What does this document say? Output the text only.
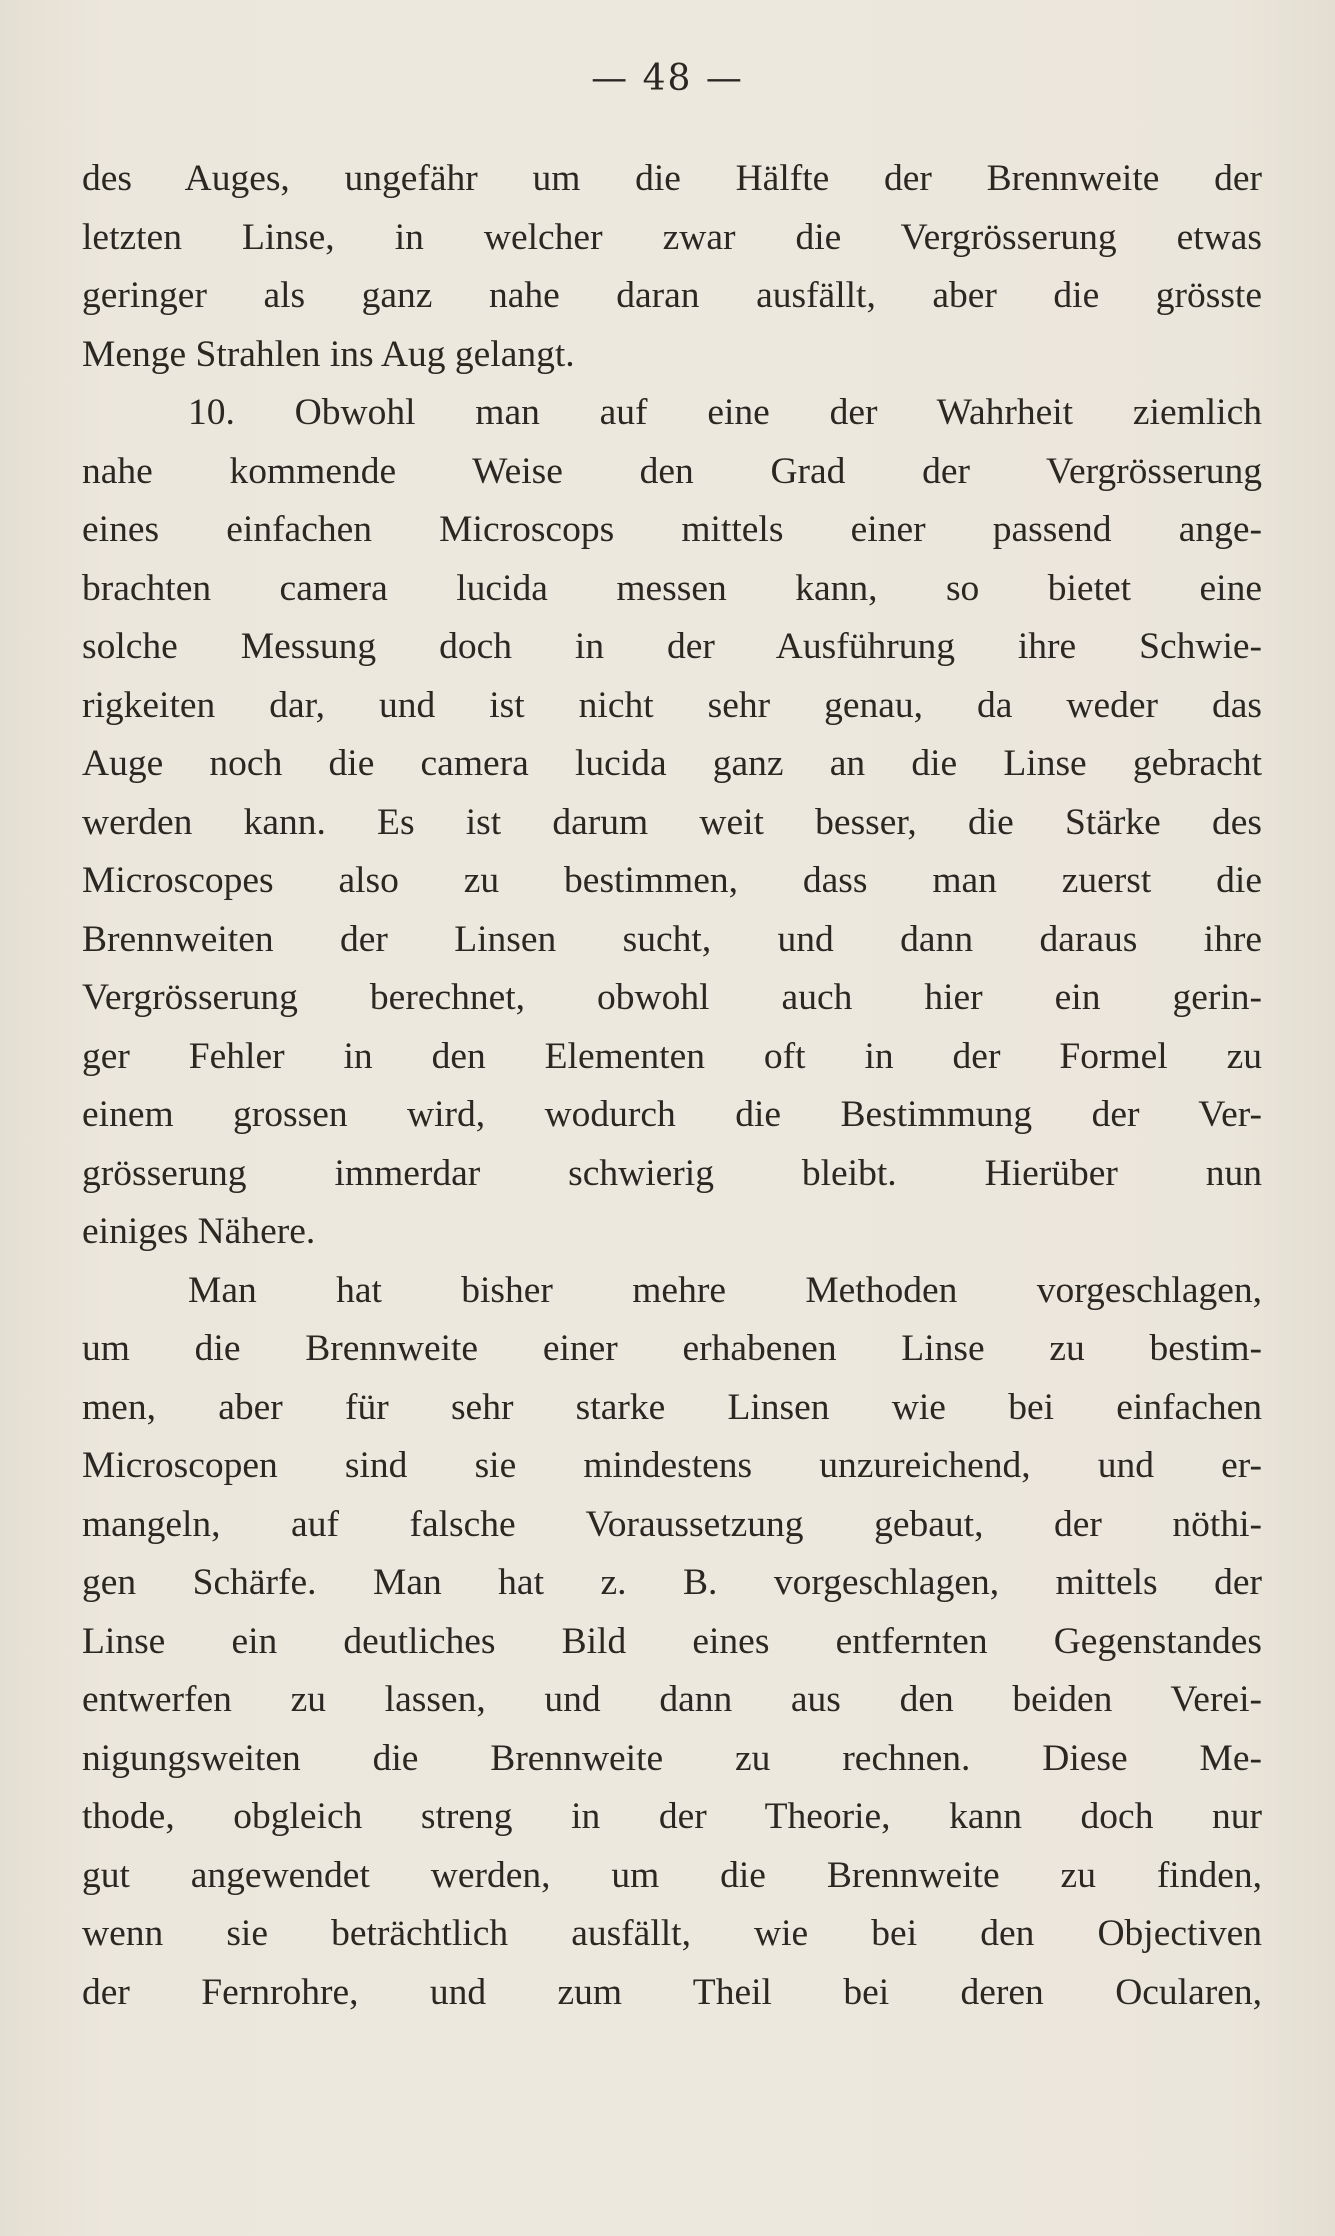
— 48 —
des Auges, ungefähr um die Hälfte der Brennweite der
letzten Linse, in welcher zwar die Vergrösserung etwas
geringer als ganz nahe daran ausfällt, aber die grösste
Menge Strahlen ins Aug gelangt.
10. Obwohl man auf eine der Wahrheit ziemlich
nahe kommende Weise den Grad der Vergrösserung
eines einfachen Microscops mittels einer passend ange-
brachten camera lucida messen kann, so bietet eine
solche Messung doch in der Ausführung ihre Schwie-
rigkeiten dar, und ist nicht sehr genau, da weder das
Auge noch die camera lucida ganz an die Linse gebracht
werden kann. Es ist darum weit besser, die Stärke des
Microscopes also zu bestimmen, dass man zuerst die
Brennweiten der Linsen sucht, und dann daraus ihre
Vergrösserung berechnet, obwohl auch hier ein gerin-
ger Fehler in den Elementen oft in der Formel zu
einem grossen wird, wodurch die Bestimmung der Ver-
grösserung immerdar schwierig bleibt. Hierüber nun
einiges Nähere.
Man hat bisher mehre Methoden vorgeschlagen,
um die Brennweite einer erhabenen Linse zu bestim-
men, aber für sehr starke Linsen wie bei einfachen
Microscopen sind sie mindestens unzureichend, und er-
mangeln, auf falsche Voraussetzung gebaut, der nöthi-
gen Schärfe. Man hat z. B. vorgeschlagen, mittels der
Linse ein deutliches Bild eines entfernten Gegenstandes
entwerfen zu lassen, und dann aus den beiden Verei-
nigungsweiten die Brennweite zu rechnen. Diese Me-
thode, obgleich streng in der Theorie, kann doch nur
gut angewendet werden, um die Brennweite zu finden,
wenn sie beträchtlich ausfällt, wie bei den Objectiven
der Fernrohre, und zum Theil bei deren Ocularen,
